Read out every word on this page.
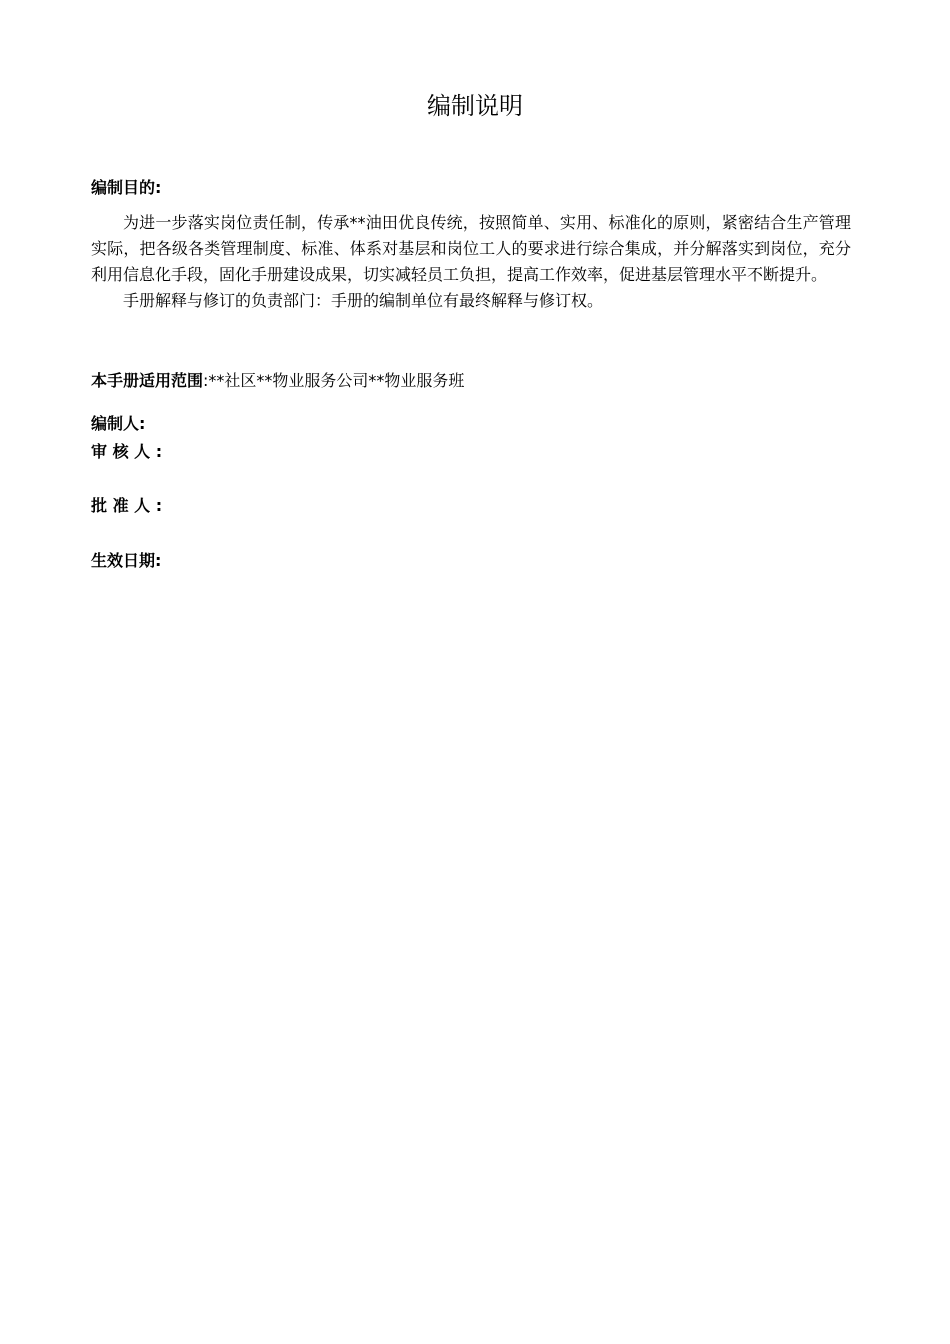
编制说明
编制目的:

为进一步落实岗位责任制，传承**油田优良传统，按照简单、实用、标准化的原则，紧密结合生产管理实际，把各级各类管理制度、标准、体系对基层和岗位工人的要求进行综合集成，并分解落实到岗位，充分利用信息化手段，固化手册建设成果，切实减轻员工负担，提高工作效率，促进基层管理水平不断提升。

手册解释与修订的负责部门：手册的编制单位有最终解释与修订权。

本手册适用范围:**社区**物业服务公司**物业服务班
编制人:
审 核 人 :
批 准 人 :
生效日期:
